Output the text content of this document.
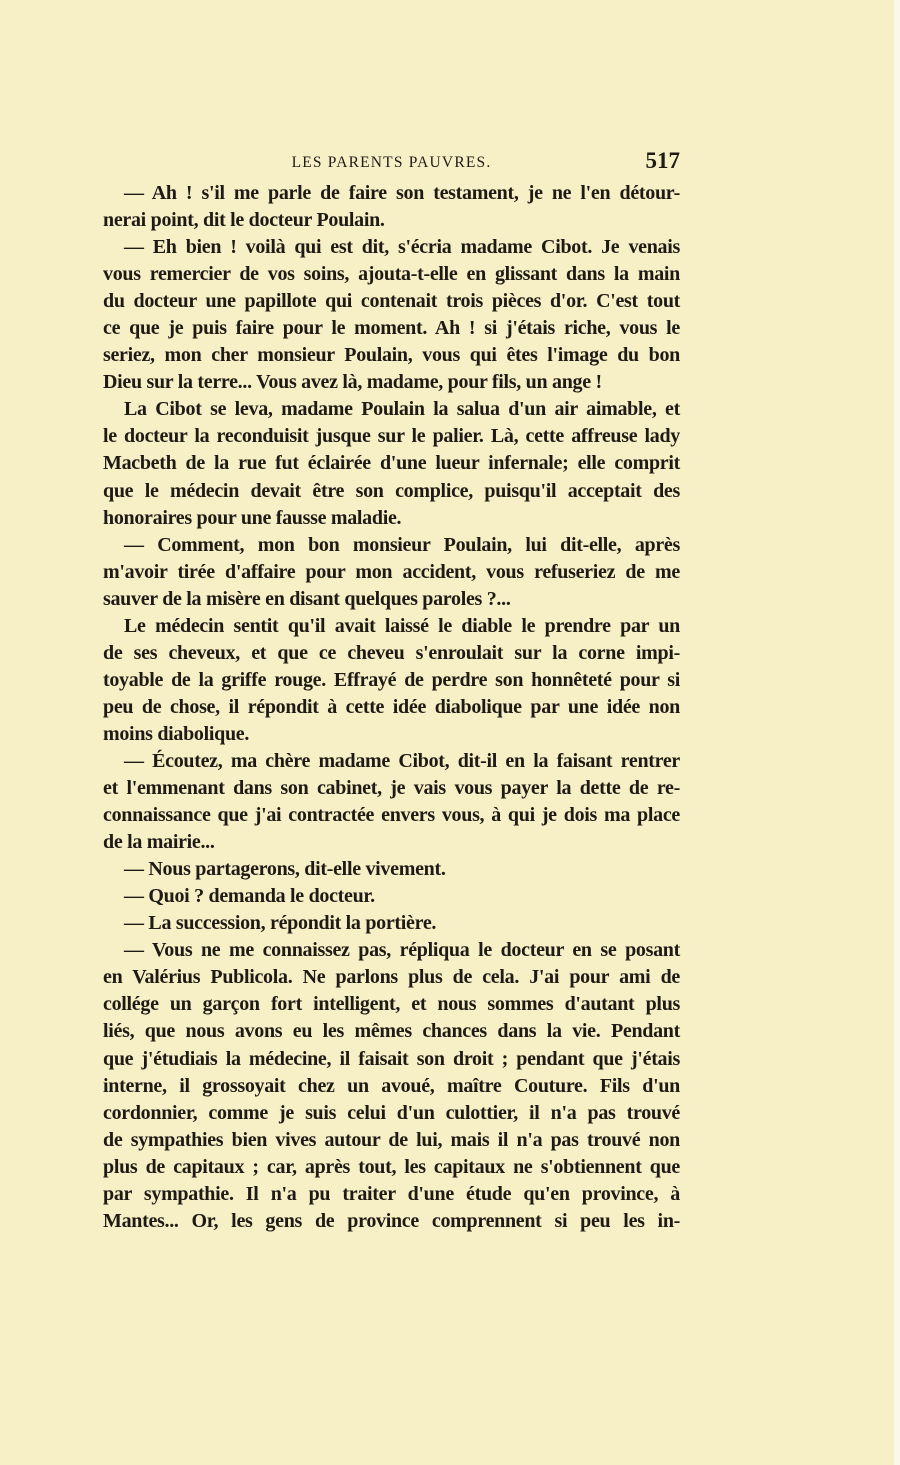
LES PARENTS PAUVRES.	517
— Ah ! s'il me parle de faire son testament, je ne l'en détour-
nerai point, dit le docteur Poulain.
— Eh bien ! voilà qui est dit, s'écria madame Cibot. Je venais
vous remercier de vos soins, ajouta-t-elle en glissant dans la main
du docteur une papillote qui contenait trois pièces d'or. C'est tout
ce que je puis faire pour le moment. Ah ! si j'étais riche, vous le
seriez, mon cher monsieur Poulain, vous qui êtes l'image du bon
Dieu sur la terre... Vous avez là, madame, pour fils, un ange !
La Cibot se leva, madame Poulain la salua d'un air aimable, et
le docteur la reconduisit jusque sur le palier. Là, cette affreuse lady
Macbeth de la rue fut éclairée d'une lueur infernale; elle comprit
que le médecin devait être son complice, puisqu'il acceptait des
honoraires pour une fausse maladie.
— Comment, mon bon monsieur Poulain, lui dit-elle, après
m'avoir tirée d'affaire pour mon accident, vous refuseriez de me
sauver de la misère en disant quelques paroles ?...
Le médecin sentit qu'il avait laissé le diable le prendre par un
de ses cheveux, et que ce cheveu s'enroulait sur la corne impi-
toyable de la griffe rouge. Effrayé de perdre son honnêteté pour si
peu de chose, il répondit à cette idée diabolique par une idée non
moins diabolique.
— Écoutez, ma chère madame Cibot, dit-il en la faisant rentrer
et l'emmenant dans son cabinet, je vais vous payer la dette de re-
connaissance que j'ai contractée envers vous, à qui je dois ma place
de la mairie...
— Nous partagerons, dit-elle vivement.
— Quoi ? demanda le docteur.
— La succession, répondit la portière.
— Vous ne me connaissez pas, répliqua le docteur en se posant
en Valérius Publicola. Ne parlons plus de cela. J'ai pour ami de
collége un garçon fort intelligent, et nous sommes d'autant plus
liés, que nous avons eu les mêmes chances dans la vie. Pendant
que j'étudiais la médecine, il faisait son droit ; pendant que j'étais
interne, il grossoyait chez un avoué, maître Couture. Fils d'un
cordonnier, comme je suis celui d'un culottier, il n'a pas trouvé
de sympathies bien vives autour de lui, mais il n'a pas trouvé non
plus de capitaux ; car, après tout, les capitaux ne s'obtiennent que
par sympathie. Il n'a pu traiter d'une étude qu'en province, à
Mantes... Or, les gens de province comprennent si peu les in-
